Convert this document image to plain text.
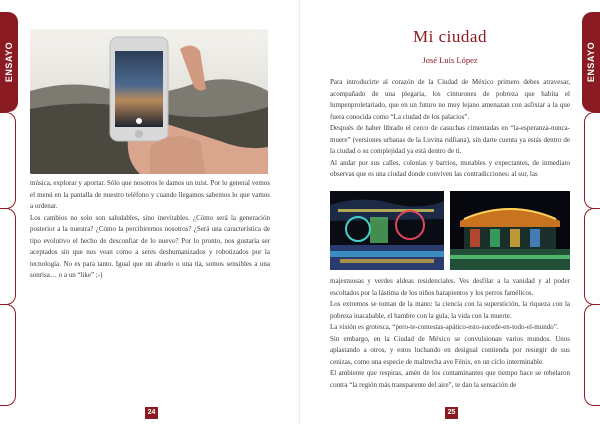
ENSAYO

música, explorar y aportar. Sólo que nosotros le damos un tuist. Por lo general vemos el menú en la pantalla de nuestro teléfono y cuando llegamos sabemos lo que vamos a ordenar.

Los cambios no solo son saludables, sino inevitables. ¿Cómo será la generación posterior a la nuestra? ¿Cómo la percibiremos nosotros? ¿Será una característica de tipo evolutivo el hecho de desconfiar de lo nuevo? Por lo pronto, nos gustaría ser aceptados sin que nos vean como a seres deshumanizados y robotizados por la tecnología. No es para tanto. Igual que un abuelo o una tía, somos sensibles a una sonrisa… o a un “like” ;-)

24
ENSAYO
Mi ciudad
José Luis López

Para introducirte al corazón de la Ciudad de México primero debes atravesar, acompañado de una plegaria, los cinturones de pobreza que habita el lumpenproletariado, que en un futuro no muy lejano amenazan con asfixiar a la que fuera conocida como “La ciudad de los palacios”.

Después de haber librado el cerco de casuchas cimentadas en “la-esperanza-nunca-muere” (versiones urbanas de la Luvina rulfiana), sin darte cuenta ya estás dentro de la ciudad o su complejidad ya está dentro de ti.

Al andar por sus calles, colonias y barrios, mutables y expectantes, de inmediato observas que es una ciudad donde conviven las contradicciones: al sur, las

majestuosas y verdes aldeas residenciales. Ves desfilar a la vanidad y al poder escoltados por la lástima de los niños harapientos y los perros famélicos.

Los extremos se toman de la mano: la ciencia con la superstición, la riqueza con la pobreza inacabable, el hambre con la gula, la vida con la muerte.

La visión es grotesca, “pero-te-contestas-apático-esto-sucede-en-todo-el-mundo”.

Sin embargo, en la Ciudad de México se convulsionan varios mundos. Unos aplastando a otros, y estos luchando en desigual contienda por resurgir de sus cenizas, como una especie de maltrecha ave Fénix, en un ciclo interminable.

El ambiente que respiras, amén de los contaminantes que tiempo hace se rebelaron contra “la región más transparente del aire”, te dan la sensación de

25
